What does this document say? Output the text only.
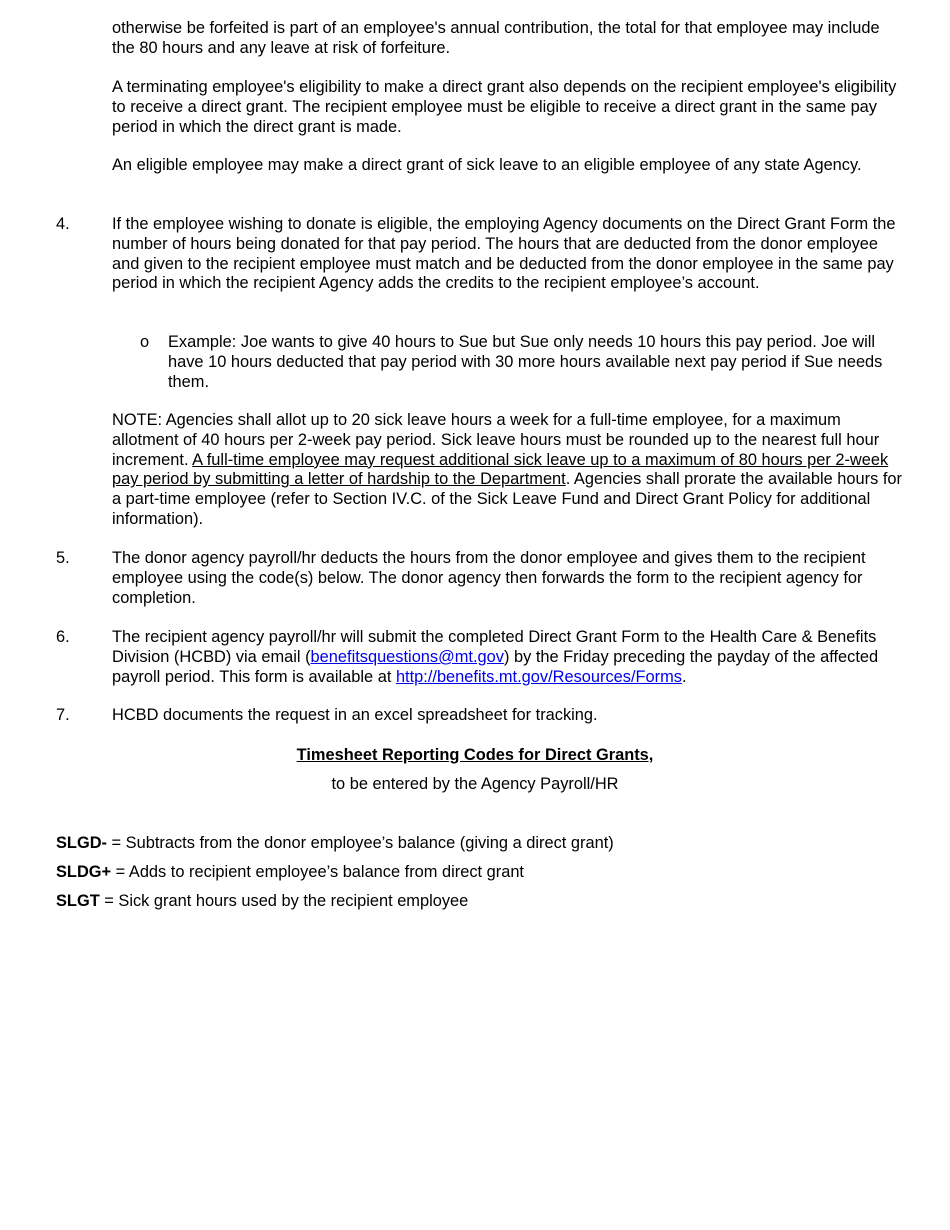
otherwise be forfeited is part of an employee's annual contribution, the total for that employee may include the 80 hours and any leave at risk of forfeiture.

A terminating employee's eligibility to make a direct grant also depends on the recipient employee's eligibility to receive a direct grant. The recipient employee must be eligible to receive a direct grant in the same pay period in which the direct grant is made.

An eligible employee may make a direct grant of sick leave to an eligible employee of any state Agency.

4.	If the employee wishing to donate is eligible, the employing Agency documents on the Direct Grant Form the number of hours being donated for that pay period. The hours that are deducted from the donor employee and given to the recipient employee must match and be deducted from the donor employee in the same pay period in which the recipient Agency adds the credits to the recipient employee’s account.

o Example: Joe wants to give 40 hours to Sue but Sue only needs 10 hours this pay period. Joe will have 10 hours deducted that pay period with 30 more hours available next pay period if Sue needs them.

NOTE: Agencies shall allot up to 20 sick leave hours a week for a full-time employee, for a maximum allotment of 40 hours per 2-week pay period. Sick leave hours must be rounded up to the nearest full hour increment. A full-time employee may request additional sick leave up to a maximum of 80 hours per 2-week pay period by submitting a letter of hardship to the Department. Agencies shall prorate the available hours for a part-time employee (refer to Section IV.C. of the Sick Leave Fund and Direct Grant Policy for additional information).

5.	The donor agency payroll/hr deducts the hours from the donor employee and gives them to the recipient employee using the code(s) below. The donor agency then forwards the form to the recipient agency for completion.

6.	The recipient agency payroll/hr will submit the completed Direct Grant Form to the Health Care & Benefits Division (HCBD) via email (benefitsquestions@mt.gov) by the Friday preceding the payday of the affected payroll period. This form is available at http://benefits.mt.gov/Resources/Forms.

7.	HCBD documents the request in an excel spreadsheet for tracking.

Timesheet Reporting Codes for Direct Grants,

to be entered by the Agency Payroll/HR

SLGD- = Subtracts from the donor employee’s balance (giving a direct grant)

SLDG+ = Adds to recipient employee’s balance from direct grant

SLGT = Sick grant hours used by the recipient employee
